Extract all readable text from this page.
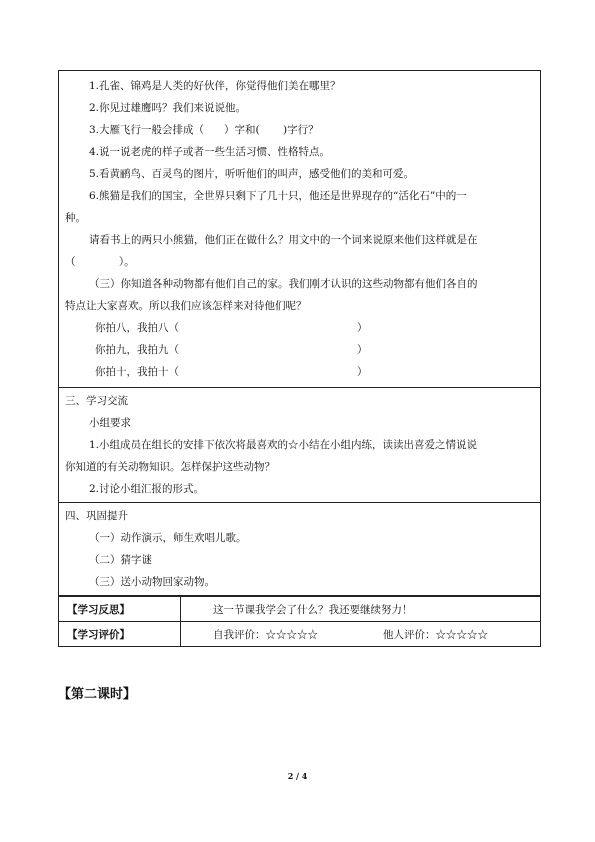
1.孔雀、锦鸡是人类的好伙伴，你觉得他们美在哪里？
2.你见过雄鹰吗？我们来说说他。
3.大雁飞行一般会排成（      ）字和(       )字行？
4.说一说老虎的样子或者一些生活习惯、性格特点。
5.看黄鹂鸟、百灵鸟的图片，听听他们的叫声，感受他们的美和可爱。
6.熊猫是我们的国宝，全世界只剩下了几十只，他还是世界现存的“活化石”中的一
种。
请看书上的两只小熊猫，他们正在做什么？用文中的一个词来说原来他们这样就是在
（             ）。
（三）你知道各种动物都有他们自己的家。我们刚才认识的这些动物都有他们各自的
特点让大家喜欢。所以我们应该怎样来对待他们呢？
你拍八，我拍八（	）
你拍九，我拍九（	）
你拍十，我拍十（	）
三、学习交流
小组要求
1.小组成员在组长的安排下依次将最喜欢的☆小结在小组内练，读读出喜爱之情说说
你知道的有关动物知识。怎样保护这些动物？
2.讨论小组汇报的形式。
四、巩固提升
（一）动作演示，师生欢唱儿歌。
（二）猜字谜
（三）送小动物回家动物。
【学习反思】	这一节课我学会了什么？我还要继续努力！
【学习评价】	自我评价：☆☆☆☆☆	他人评价：☆☆☆☆☆
【第二课时】
2 / 4
